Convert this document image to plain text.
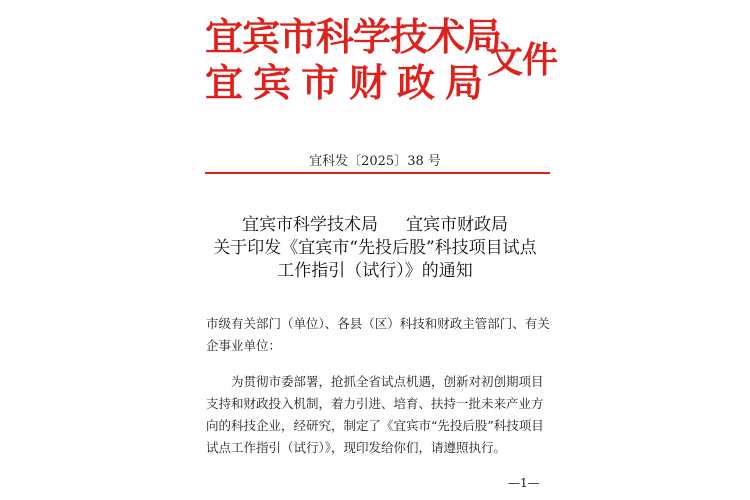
宜宾市科学技术局
宜宾市财政局
文件
宜科发〔2025〕38 号
宜宾市科学技术局 宜宾市财政局
关于印发《宜宾市“先投后股”科技项目试点
工作指引（试行）》的通知

市级有关部门（单位）、各县（区）科技和财政主管部门、有关企事业单位：

为贯彻市委部署，抢抓全省试点机遇，创新对初创期项目支持和财政投入机制，着力引进、培育、扶持一批未来产业方向的科技企业，经研究，制定了《宜宾市“先投后股”科技项目试点工作指引（试行）》，现印发给你们，请遵照执行。

—1—
